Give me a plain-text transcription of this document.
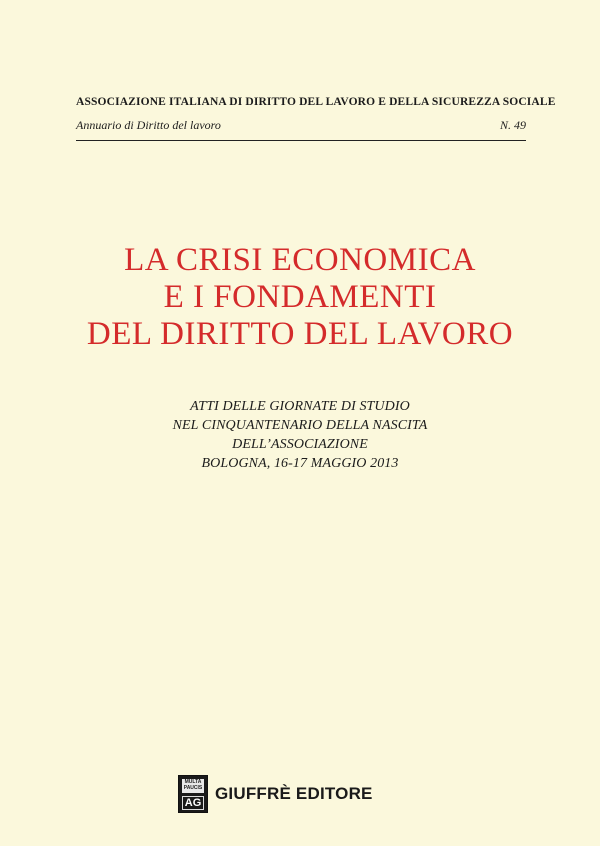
ASSOCIAZIONE ITALIANA DI DIRITTO DEL LAVORO E DELLA SICUREZZA SOCIALE
Annuario di Diritto del lavoro	N. 49
LA CRISI ECONOMICA
E I FONDAMENTI
DEL DIRITTO DEL LAVORO
ATTI DELLE GIORNATE DI STUDIO
NEL CINQUANTENARIO DELLA NASCITA
DELL’ASSOCIAZIONE
BOLOGNA, 16-17 MAGGIO 2013
MULTA PAUCIS
AG GIUFFRÈ EDITORE
